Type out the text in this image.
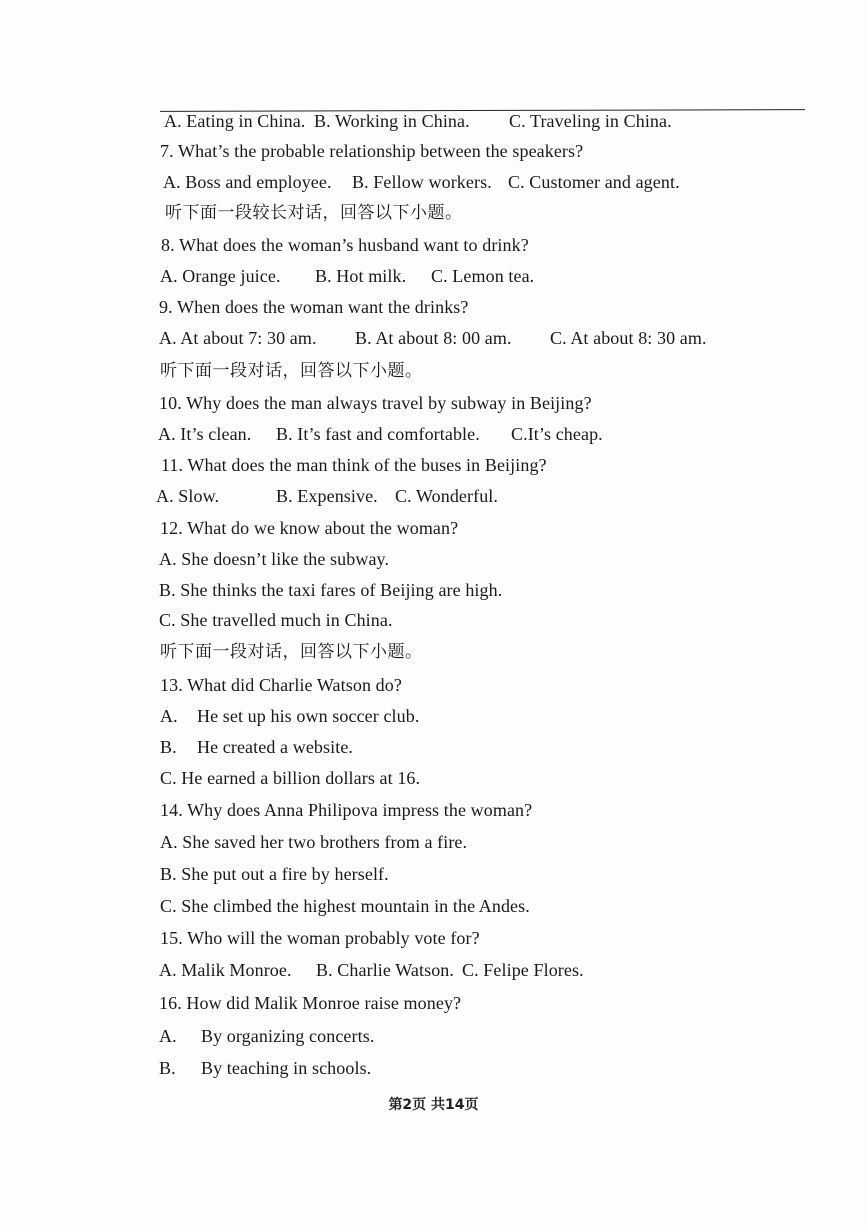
A. Eating in China. B. Working in China. C. Traveling in China.
7. What’s the probable relationship between the speakers?
A. Boss and employee. B. Fellow workers. C. Customer and agent.
听下面一段较长对话，回答以下小题。
8. What does the woman’s husband want to drink?
A. Orange juice. B. Hot milk. C. Lemon tea.
9. When does the woman want the drinks?
A. At about 7: 30 am. B. At about 8: 00 am. C. At about 8: 30 am.
听下面一段对话，回答以下小题。
10. Why does the man always travel by subway in Beijing?
A. It’s clean. B. It’s fast and comfortable. C.It’s cheap.
11. What does the man think of the buses in Beijing?
A. Slow.	B. Expensive. C. Wonderful.
12. What do we know about the woman?
A. She doesn’t like the subway.
B. She thinks the taxi fares of Beijing are high.
C. She travelled much in China.
听下面一段对话，回答以下小题。
13. What did Charlie Watson do?
A. He set up his own soccer club.
B. He created a website.
C. He earned a billion dollars at 16.
14. Why does Anna Philipova impress the woman?
A. She saved her two brothers from a fire.
B. She put out a fire by herself.
C. She climbed the highest mountain in the Andes.
15. Who will the woman probably vote for?
A. Malik Monroe. B. Charlie Watson. C. Felipe Flores.
16. How did Malik Monroe raise money?
A. By organizing concerts.
B. By teaching in schools.
第2页 共14页
